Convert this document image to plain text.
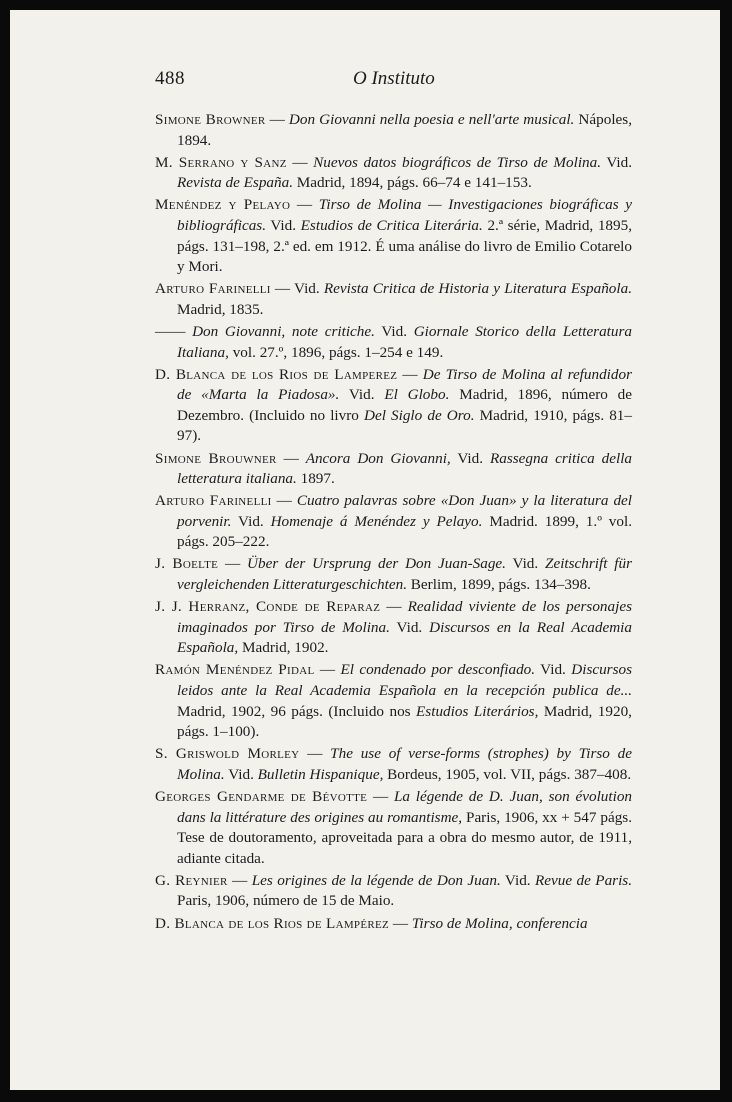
488	O Instituto
Simone Browner — Don Giovanni nella poesia e nell'arte musical. Nápoles, 1894.
M. Serrano y Sanz — Nuevos datos biográficos de Tirso de Molina. Vid. Revista de España. Madrid, 1894, págs. 66–74 e 141–153.
Menéndez y Pelayo — Tirso de Molina — Investigaciones biográficas y bibliográficas. Vid. Estudios de Critica Literária. 2.ª série, Madrid, 1895, págs. 131–198, 2.ª ed. em 1912. É uma análise do livro de Emilio Cotarelo y Mori.
Arturo Farinelli — Vid. Revista Critica de Historia y Literatura Española. Madrid, 1835.
—— Don Giovanni, note critiche. Vid. Giornale Storico della Letteratura Italiana, vol. 27.º, 1896, págs. 1–254 e 149.
D. Blanca de los Rios de Lamperez — De Tirso de Molina al refundidor de «Marta la Piadosa». Vid. El Globo. Madrid, 1896, número de Dezembro. (Incluido no livro Del Siglo de Oro. Madrid, 1910, págs. 81–97).
Simone Brouwner — Ancora Don Giovanni, Vid. Rassegna critica della letteratura italiana. 1897.
Arturo Farinelli — Cuatro palavras sobre «Don Juan» y la literatura del porvenir. Vid. Homenaje á Menéndez y Pelayo. Madrid. 1899, 1.º vol. págs. 205–222.
J. Boelte — Über der Ursprung der Don Juan-Sage. Vid. Zeitschrift für vergleichenden Litteraturgeschichten. Berlim, 1899, págs. 134–398.
J. J. Herranz, Conde de Reparaz — Realidad viviente de los personajes imaginados por Tirso de Molina. Vid. Discursos en la Real Academia Española, Madrid, 1902.
Ramón Menéndez Pidal — El condenado por desconfiado. Vid. Discursos leidos ante la Real Academia Española en la recepción publica de... Madrid, 1902, 96 págs. (Incluido nos Estudios Literários, Madrid, 1920, págs. 1–100).
S. Griswold Morley — The use of verse-forms (strophes) by Tirso de Molina. Vid. Bulletin Hispanique, Bordeus, 1905, vol. VII, págs. 387–408.
Georges Gendarme de Bévotte — La légende de D. Juan, son évolution dans la littérature des origines au romantisme, Paris, 1906, xx + 547 págs. Tese de doutoramento, aproveitada para a obra do mesmo autor, de 1911, adiante citada.
G. Reynier — Les origines de la légende de Don Juan. Vid. Revue de Paris. Paris, 1906, número de 15 de Maio.
D. Blanca de los Rios de Lampérez — Tirso de Molina, conferencia
